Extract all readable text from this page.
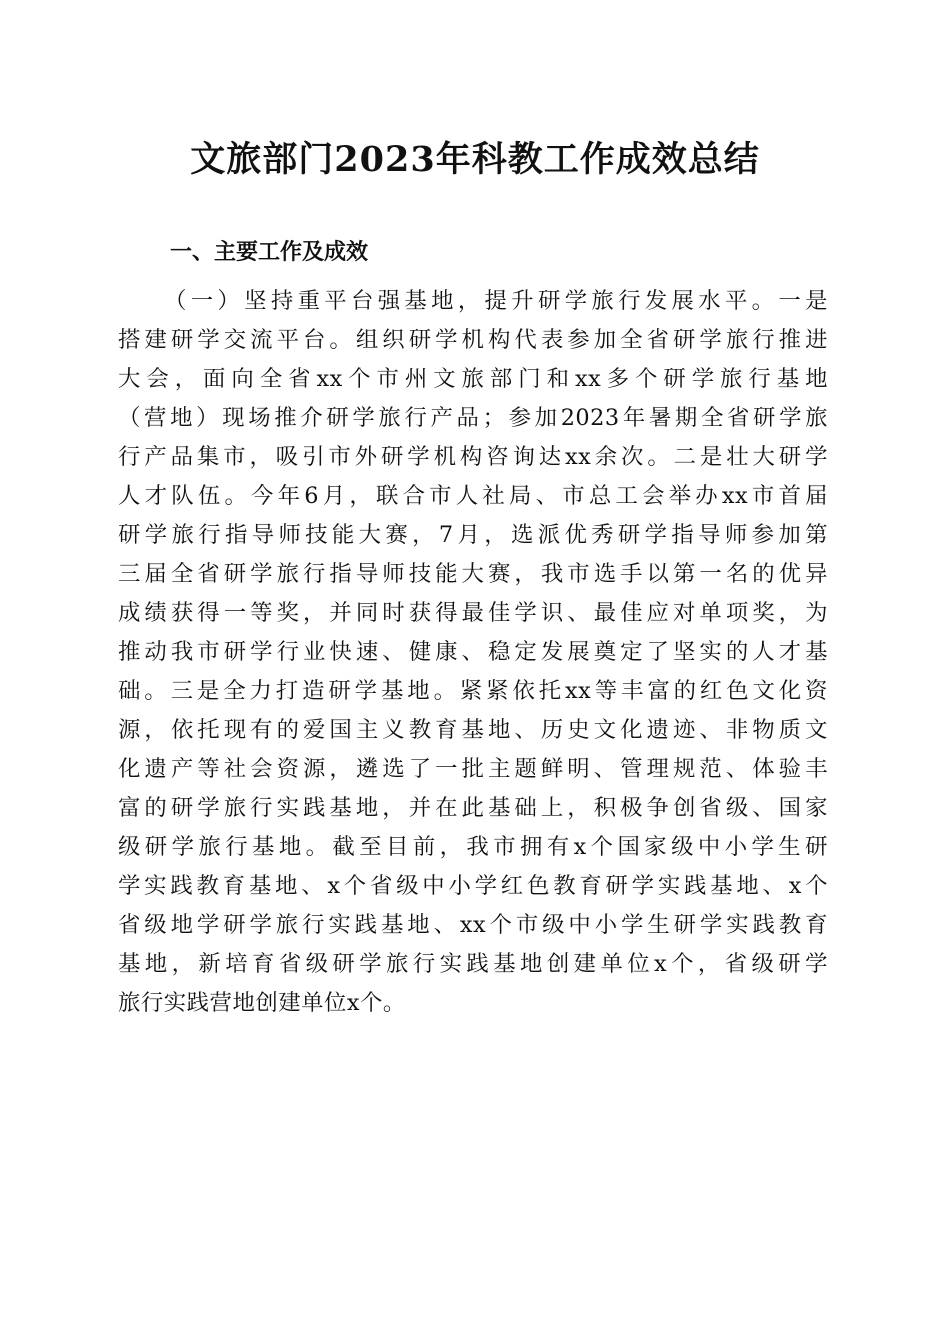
文旅部门2023年科教工作成效总结
一、主要工作及成效
（一）坚持重平台强基地，提升研学旅行发展水平。一是
搭建研学交流平台。组织研学机构代表参加全省研学旅行推进
大会，面向全省xx个市州文旅部门和xx多个研学旅行基地
（营地）现场推介研学旅行产品；参加2023年暑期全省研学旅
行产品集市，吸引市外研学机构咨询达xx余次。二是壮大研学
人才队伍。今年6月，联合市人社局、市总工会举办xx市首届
研学旅行指导师技能大赛，7月，选派优秀研学指导师参加第
三届全省研学旅行指导师技能大赛，我市选手以第一名的优异
成绩获得一等奖，并同时获得最佳学识、最佳应对单项奖，为
推动我市研学行业快速、健康、稳定发展奠定了坚实的人才基
础。三是全力打造研学基地。紧紧依托xx等丰富的红色文化资
源，依托现有的爱国主义教育基地、历史文化遗迹、非物质文
化遗产等社会资源，遴选了一批主题鲜明、管理规范、体验丰
富的研学旅行实践基地，并在此基础上，积极争创省级、国家
级研学旅行基地。截至目前，我市拥有x个国家级中小学生研
学实践教育基地、x个省级中小学红色教育研学实践基地、x个
省级地学研学旅行实践基地、xx个市级中小学生研学实践教育
基地，新培育省级研学旅行实践基地创建单位x个，省级研学
旅行实践营地创建单位x个。
